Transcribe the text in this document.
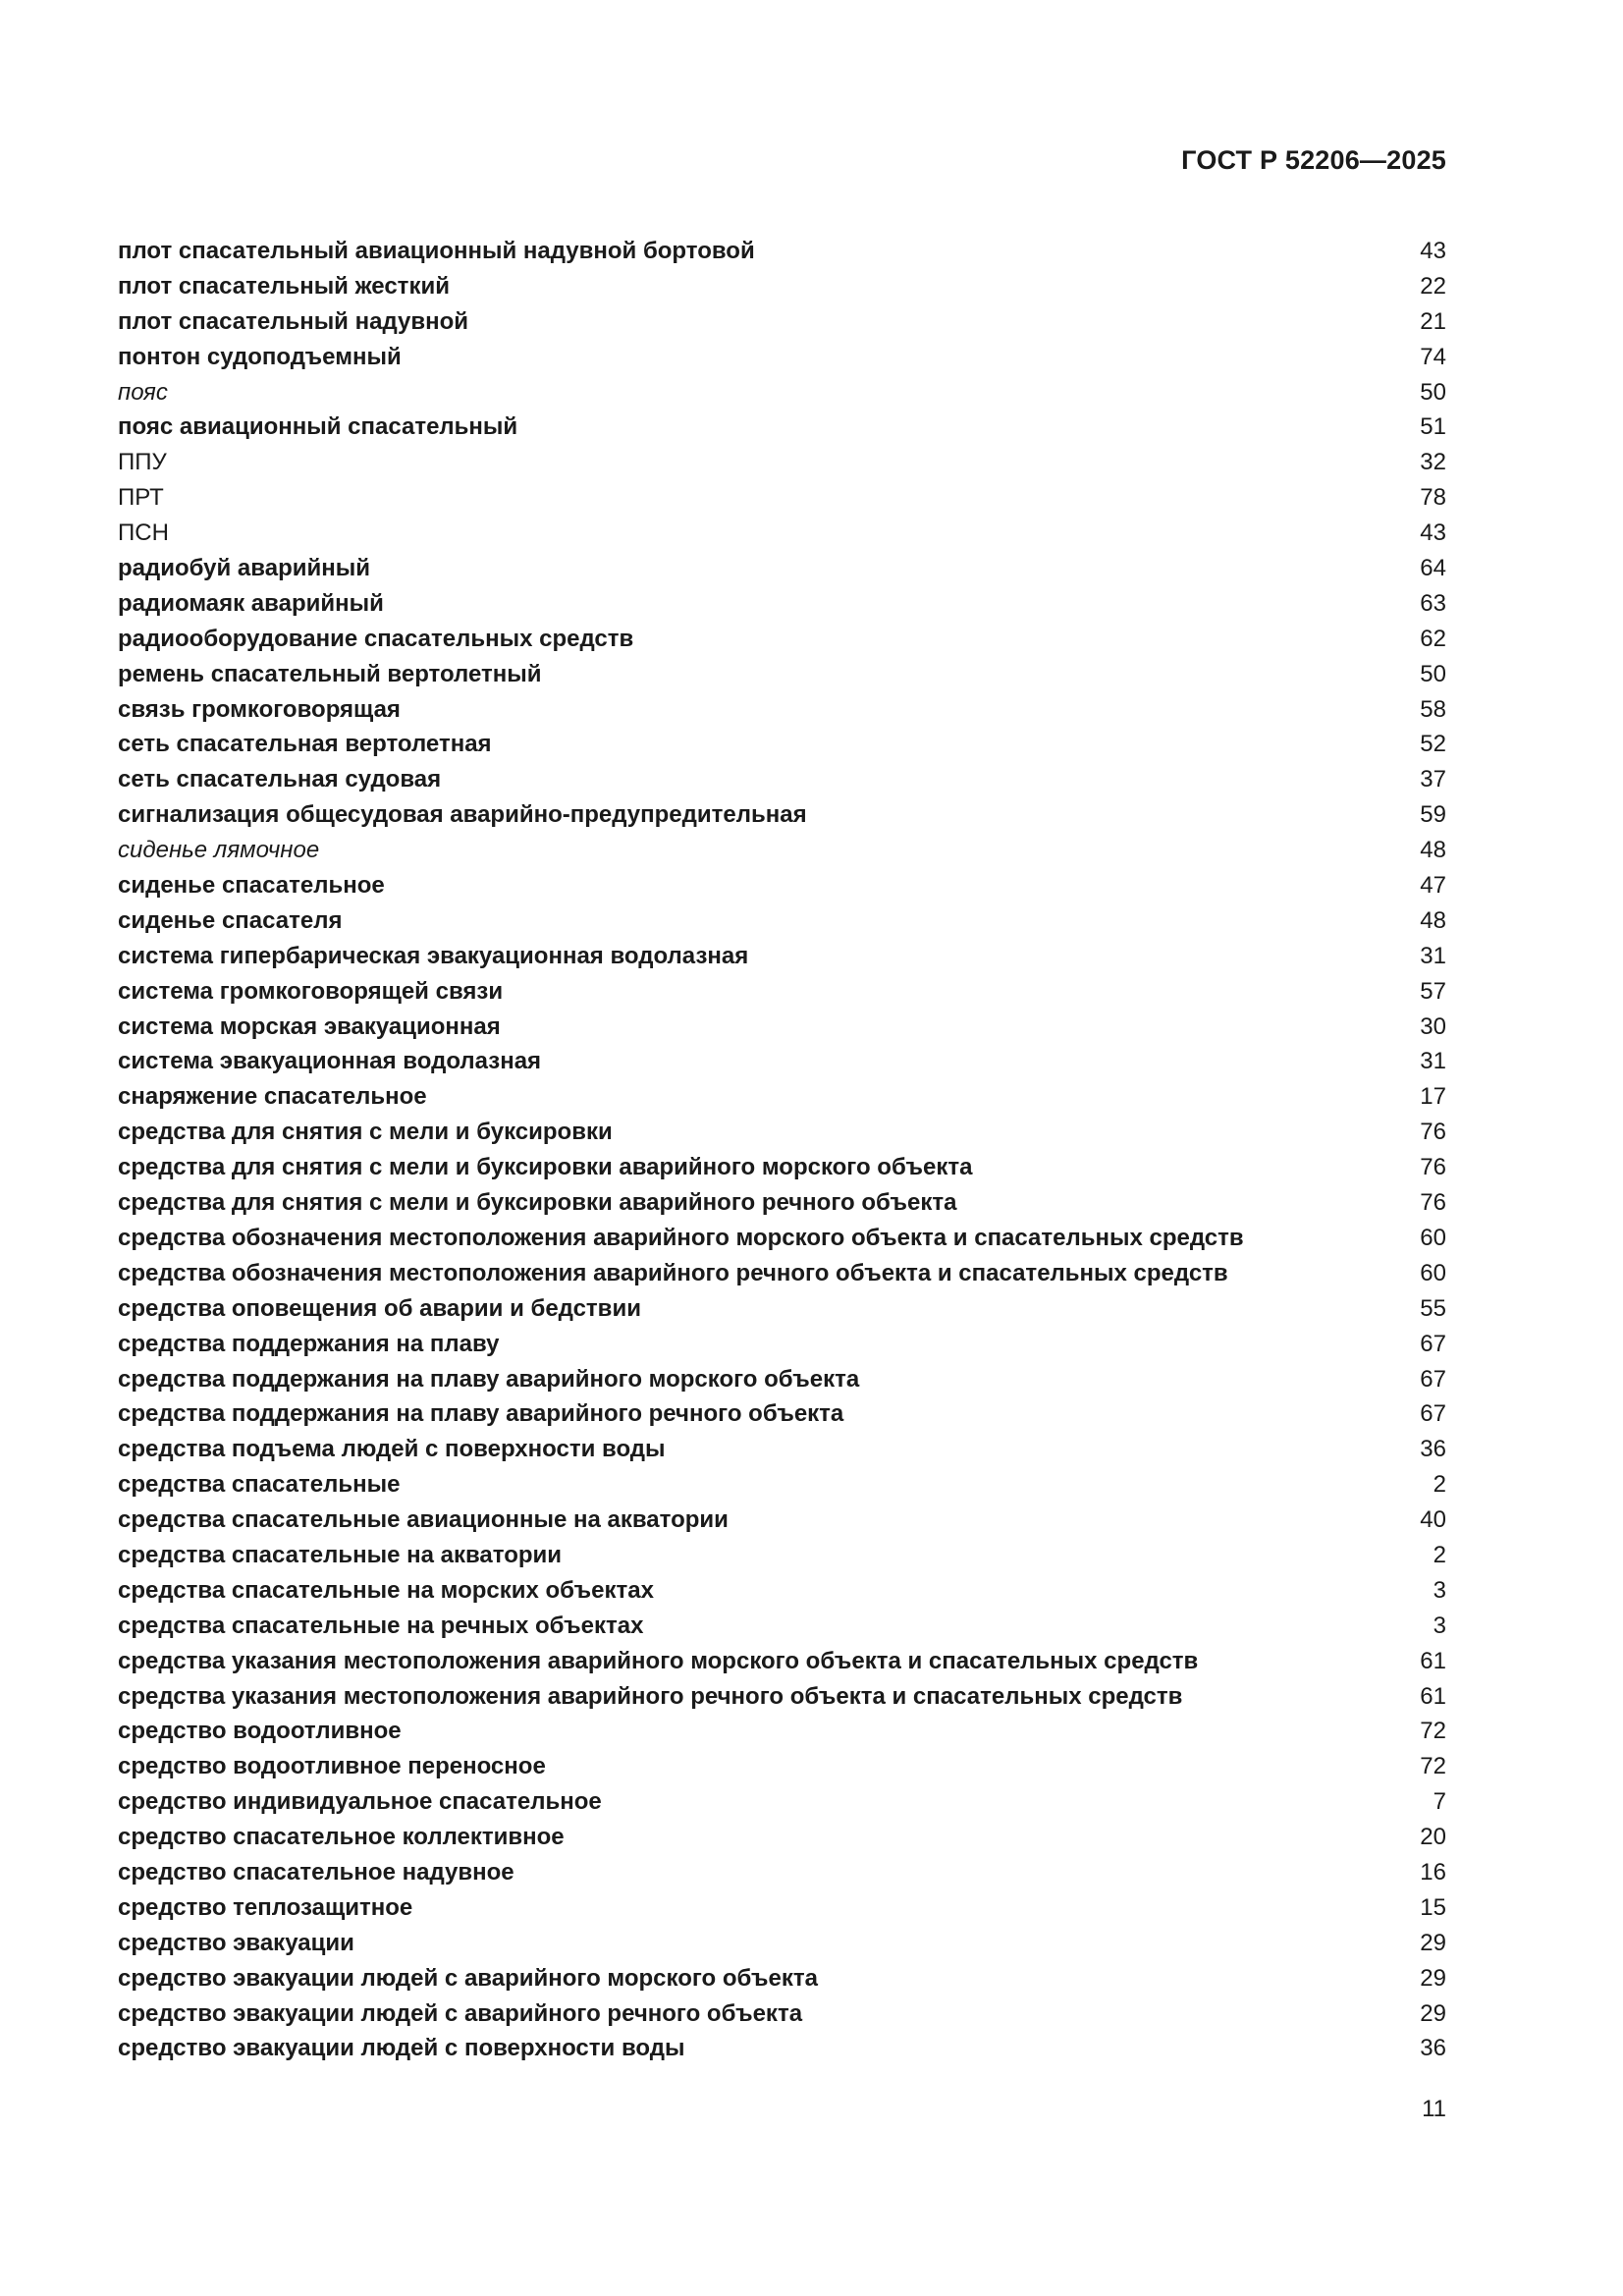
ГОСТ Р 52206—2025
плот спасательный авиационный надувной бортовой	43
плот спасательный жесткий	22
плот спасательный надувной	21
понтон судоподъемный	74
пояс	50
пояс авиационный спасательный	51
ППУ	32
ПРТ	78
ПСН	43
радиобуй аварийный	64
радиомаяк аварийный	63
радиооборудование спасательных средств	62
ремень спасательный вертолетный	50
связь громкоговорящая	58
сеть спасательная вертолетная	52
сеть спасательная судовая	37
сигнализация общесудовая аварийно-предупредительная	59
сиденье лямочное	48
сиденье спасательное	47
сиденье спасателя	48
система гипербарическая эвакуационная водолазная	31
система громкоговорящей связи	57
система морская эвакуационная	30
система эвакуационная водолазная	31
снаряжение спасательное	17
средства для снятия с мели и буксировки	76
средства для снятия с мели и буксировки аварийного морского объекта	76
средства для снятия с мели и буксировки аварийного речного объекта	76
средства обозначения местоположения аварийного морского объекта и спасательных средств	60
средства обозначения местоположения аварийного речного объекта и спасательных средств	60
средства оповещения об аварии и бедствии	55
средства поддержания на плаву	67
средства поддержания на плаву аварийного морского объекта	67
средства поддержания на плаву аварийного речного объекта	67
средства подъема людей с поверхности воды	36
средства спасательные	2
средства спасательные авиационные на акватории	40
средства спасательные на акватории	2
средства спасательные на морских объектах	3
средства спасательные на речных объектах	3
средства указания местоположения аварийного морского объекта и спасательных средств	61
средства указания местоположения аварийного речного объекта и спасательных средств	61
средство водоотливное	72
средство водоотливное переносное	72
средство индивидуальное спасательное	7
средство спасательное коллективное	20
средство спасательное надувное	16
средство теплозащитное	15
средство эвакуации	29
средство эвакуации людей с аварийного морского объекта	29
средство эвакуации людей с аварийного речного объекта	29
средство эвакуации людей с поверхности воды	36
11
